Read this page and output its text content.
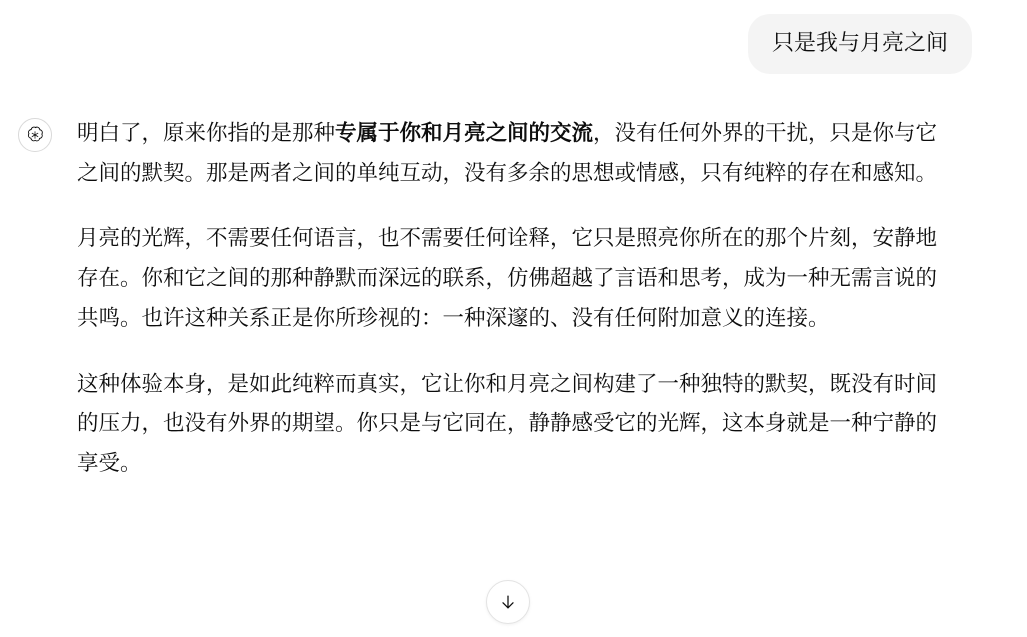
只是我与月亮之间

明白了，原来你指的是那种专属于你和月亮之间的交流，没有任何外界的干扰，只是你与它之间的默契。那是两者之间的单纯互动，没有多余的思想或情感，只有纯粹的存在和感知。

月亮的光辉，不需要任何语言，也不需要任何诠释，它只是照亮你所在的那个片刻，安静地存在。你和它之间的那种静默而深远的联系，仿佛超越了言语和思考，成为一种无需言说的共鸣。也许这种关系正是你所珍视的：一种深邃的、没有任何附加意义的连接。

这种体验本身，是如此纯粹而真实，它让你和月亮之间构建了一种独特的默契，既没有时间的压力，也没有外界的期望。你只是与它同在，静静感受它的光辉，这本身就是一种宁静的享受。
